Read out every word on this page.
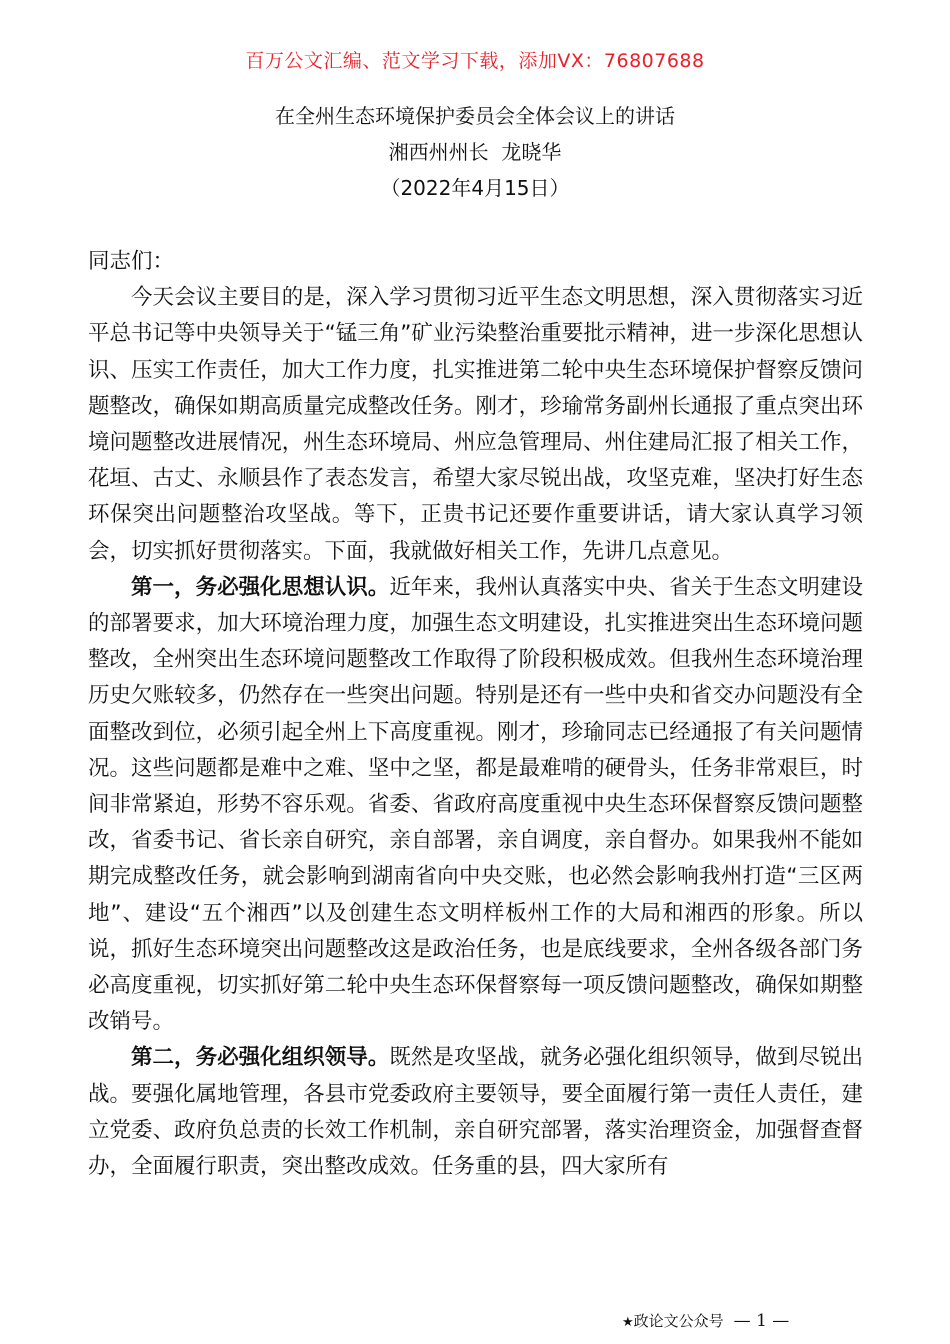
百万公文汇编、范文学习下载，添加VX：76807688
在全州生态环境保护委员会全体会议上的讲话
湘西州州长  龙晓华
（2022年4月15日）

同志们：

今天会议主要目的是，深入学习贯彻习近平生态文明思想，深入贯彻落实习近平总书记等中央领导关于“锰三角”矿业污染整治重要批示精神，进一步深化思想认识、压实工作责任，加大工作力度，扎实推进第二轮中央生态环境保护督察反馈问题整改，确保如期高质量完成整改任务。刚才，珍瑜常务副州长通报了重点突出环境问题整改进展情况，州生态环境局、州应急管理局、州住建局汇报了相关工作，花垣、古丈、永顺县作了表态发言，希望大家尽锐出战，攻坚克难，坚决打好生态环保突出问题整治攻坚战。等下，正贵书记还要作重要讲话，请大家认真学习领会，切实抓好贯彻落实。下面，我就做好相关工作，先讲几点意见。

第一，务必强化思想认识。近年来，我州认真落实中央、省关于生态文明建设的部署要求，加大环境治理力度，加强生态文明建设，扎实推进突出生态环境问题整改，全州突出生态环境问题整改工作取得了阶段积极成效。但我州生态环境治理历史欠账较多，仍然存在一些突出问题。特别是还有一些中央和省交办问题没有全面整改到位，必须引起全州上下高度重视。刚才，珍瑜同志已经通报了有关问题情况。这些问题都是难中之难、坚中之坚，都是最难啃的硬骨头，任务非常艰巨，时间非常紧迫，形势不容乐观。省委、省政府高度重视中央生态环保督察反馈问题整改，省委书记、省长亲自研究，亲自部署，亲自调度，亲自督办。如果我州不能如期完成整改任务，就会影响到湖南省向中央交账，也必然会影响我州打造“三区两地”、建设“五个湘西”以及创建生态文明样板州工作的大局和湘西的形象。所以说，抓好生态环境突出问题整改这是政治任务，也是底线要求，全州各级各部门务必高度重视，切实抓好第二轮中央生态环保督察每一项反馈问题整改，确保如期整改销号。

第二，务必强化组织领导。既然是攻坚战，就务必强化组织领导，做到尽锐出战。要强化属地管理，各县市党委政府主要领导，要全面履行第一责任人责任，建立党委、政府负总责的长效工作机制，亲自研究部署，落实治理资金，加强督查督办，全面履行职责，突出整改成效。任务重的县，四大家所有

★政论文公众号 — 1 —
